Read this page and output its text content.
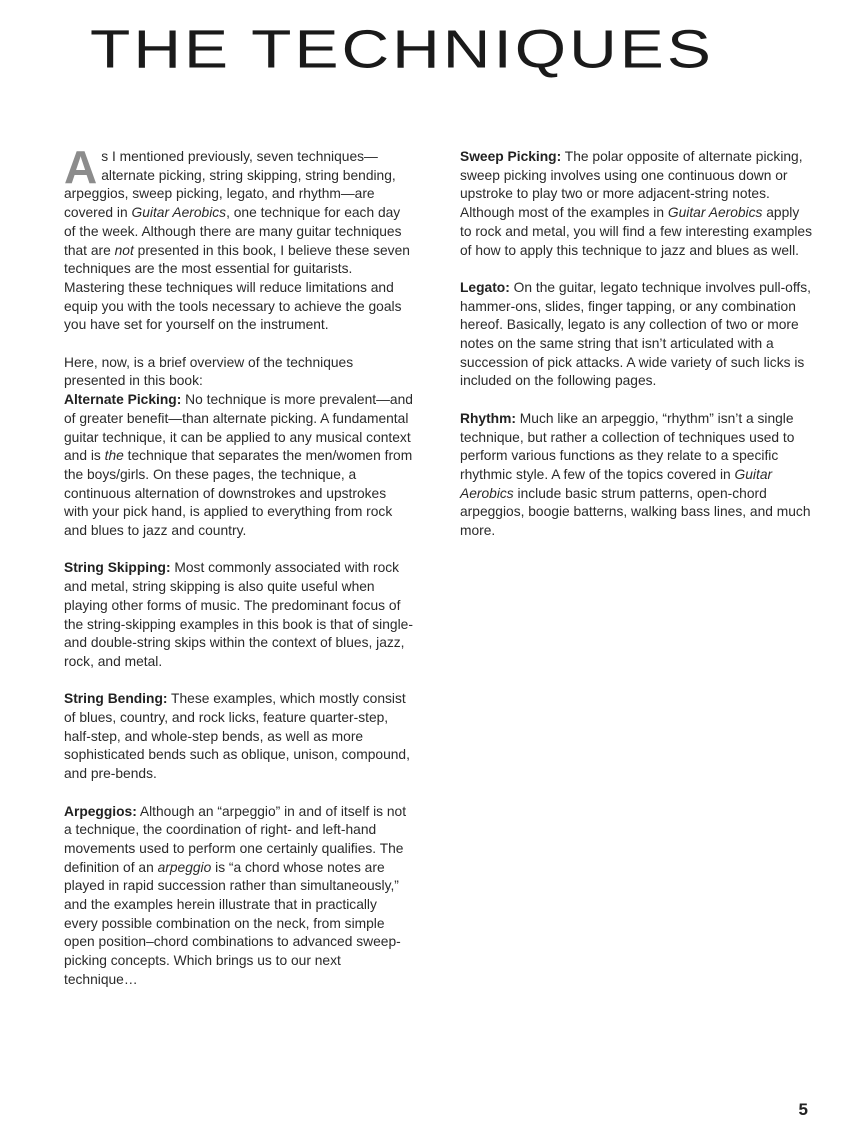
THE TECHNIQUES

As I mentioned previously, seven techniques—alternate picking, string skipping, string bending, arpeggios, sweep picking, legato, and rhythm—are covered in Guitar Aerobics, one technique for each day of the week. Although there are many guitar techniques that are not presented in this book, I believe these seven techniques are the most essential for guitarists. Mastering these techniques will reduce limitations and equip you with the tools necessary to achieve the goals you have set for yourself on the instrument.

Here, now, is a brief overview of the techniques presented in this book:

Alternate Picking: No technique is more prevalent—and of greater benefit—than alternate picking. A fundamental guitar technique, it can be applied to any musical context and is the technique that separates the men/women from the boys/girls. On these pages, the technique, a continuous alternation of downstrokes and upstrokes with your pick hand, is applied to everything from rock and blues to jazz and country.

String Skipping: Most commonly associated with rock and metal, string skipping is also quite useful when playing other forms of music. The predominant focus of the string-skipping examples in this book is that of single- and double-string skips within the context of blues, jazz, rock, and metal.

String Bending: These examples, which mostly consist of blues, country, and rock licks, feature quarter-step, half-step, and whole-step bends, as well as more sophisticated bends such as oblique, unison, compound, and pre-bends.

Arpeggios: Although an “arpeggio” in and of itself is not a technique, the coordination of right- and left-hand movements used to perform one certainly qualifies. The definition of an arpeggio is “a chord whose notes are played in rapid succession rather than simultaneously,” and the examples herein illustrate that in practically every possible combination on the neck, from simple open position–chord combinations to advanced sweep-picking concepts. Which brings us to our next technique…

Sweep Picking: The polar opposite of alternate picking, sweep picking involves using one continuous down or upstroke to play two or more adjacent-string notes. Although most of the examples in Guitar Aerobics apply to rock and metal, you will find a few interesting examples of how to apply this technique to jazz and blues as well.

Legato: On the guitar, legato technique involves pull-offs, hammer-ons, slides, finger tapping, or any combination hereof. Basically, legato is any collection of two or more notes on the same string that isn’t articulated with a succession of pick attacks. A wide variety of such licks is included on the following pages.

Rhythm: Much like an arpeggio, “rhythm” isn’t a single technique, but rather a collection of techniques used to perform various functions as they relate to a specific rhythmic style. A few of the topics covered in Guitar Aerobics include basic strum patterns, open-chord arpeggios, boogie batterns, walking bass lines, and much more.

5
